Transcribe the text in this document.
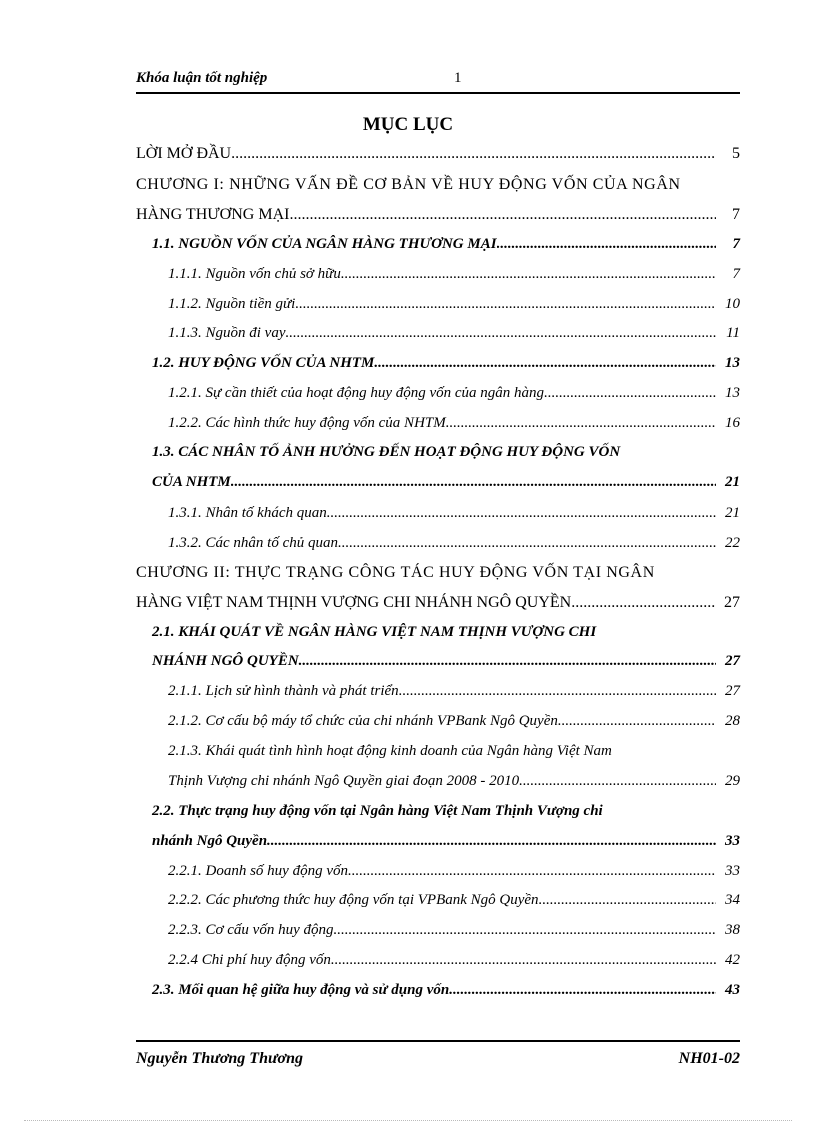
Khóa luận tốt nghiệp	1
MỤC LỤC
LỜI MỞ ĐẦU .....	5
CHƯƠNG I: NHỮNG VẤN ĐỀ CƠ BẢN VỀ HUY ĐỘNG VỐN CỦA NGÂN
HÀNG THƯƠNG MẠI .....	7
1.1. NGUỒN VỐN CỦA NGÂN HÀNG THƯƠNG MẠI .....	7
1.1.1. Nguồn vốn chủ sở hữu .....	7
1.1.2. Nguồn tiền gửi .....	10
1.1.3. Nguồn đi vay .....	11
1.2. HUY ĐỘNG VỐN CỦA NHTM .....	13
1.2.1. Sự cần thiết của hoạt động huy động vốn của ngân hàng .....	13
1.2.2. Các hình thức huy động vốn của NHTM .....	16
1.3. CÁC NHÂN TỐ ẢNH HƯỞNG ĐẾN HOẠT ĐỘNG HUY ĐỘNG VỐN
CỦA NHTM .....	21
1.3.1. Nhân tố khách quan .....	21
1.3.2. Các nhân tố chủ quan .....	22
CHƯƠNG II: THỰC TRẠNG CÔNG TÁC HUY ĐỘNG VỐN TẠI NGÂN
HÀNG VIỆT NAM THỊNH VƯỢNG CHI NHÁNH NGÔ QUYỀN .....	27
2.1. KHÁI QUÁT VỀ NGÂN HÀNG VIỆT NAM THỊNH VƯỢNG CHI
NHÁNH NGÔ QUYỀN. .....	27
2.1.1. Lịch sử hình thành và phát triển .....	27
2.1.2. Cơ cấu bộ máy tổ chức của chi nhánh VPBank Ngô Quyền .....	28
2.1.3. Khái quát tình hình hoạt động kinh doanh của Ngân hàng Việt Nam
Thịnh Vượng chi nhánh Ngô Quyền giai đoạn 2008 - 2010 .....	29
2.2. Thực trạng huy động vốn tại Ngân hàng Việt Nam Thịnh Vượng chi
nhánh Ngô Quyền .....	33
2.2.1. Doanh số huy động vốn .....	33
2.2.2. Các phương thức huy động vốn tại VPBank Ngô Quyền .....	34
2.2.3. Cơ cấu vốn huy động .....	38
2.2.4 Chi phí huy động vốn .....	42
2.3. Mối quan hệ giữa huy động và sử dụng vốn .....	43
Nguyễn Thương Thương	NH01-02
